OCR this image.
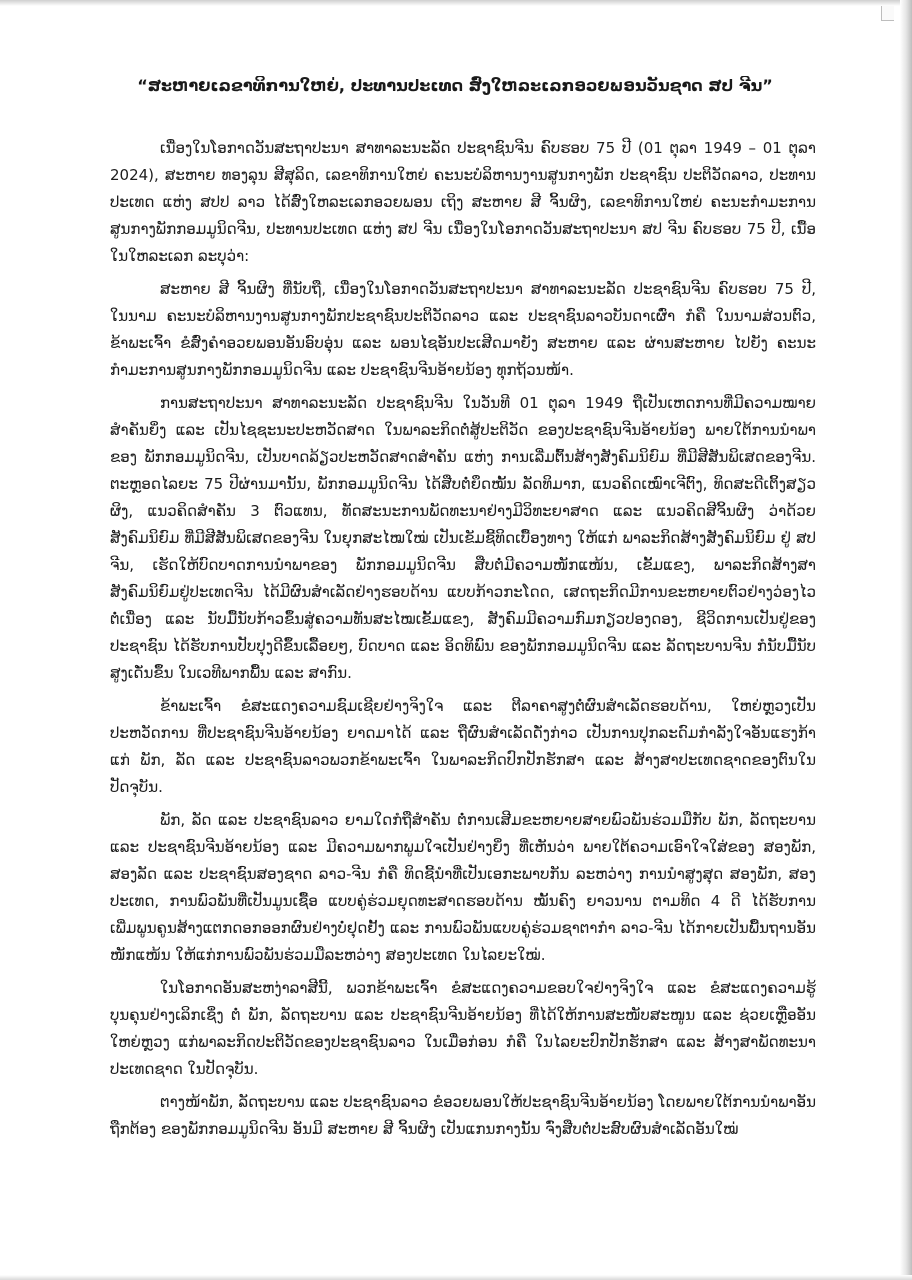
“ສະຫາຍເລຂາທິການໃຫຍ່, ປະທານປະເທດ ສົ່ງໃຫລະເລກອວຍພອນວັນຊາດ ສປ ຈີນ”

ເນື່ອງໃນໂອກາດວັນສະຖາປະນາ ສາທາລະນະລັດ ປະຊາຊົນຈີນ ຄົບຮອບ 75 ປີ (01 ຕຸລາ 1949 – 01 ຕຸລາ 2024), ສະຫາຍ ທອງລຸນ ສີສຸລິດ, ເລຂາທິການໃຫຍ່ ຄະນະບໍລິຫານງານສູນກາງພັກ ປະຊາຊົນ ປະຕິວັດລາວ, ປະທານປະເທດ ແຫ່ງ ສປປ ລາວ ໄດ້ສົ່ງໃຫລະເລກອວຍພອນ ເຖິງ ສະຫາຍ ສີ ຈິ້ນຜິງ, ເລຂາທິການໃຫຍ່ ຄະນະກຳມະການສູນກາງພັກກອມມູນິດຈີນ, ປະທານປະເທດ ແຫ່ງ ສປ ຈີນ ເນື່ອງໃນໂອກາດວັນສະຖາປະນາ ສປ ຈີນ ຄົບຮອບ 75 ປີ, ເນື້ອໃນໃຫລະເລກ ລະບຸວ່າ:

ສະຫາຍ ສີ ຈິ້ນຜິງ ທີ່ນັບຖື, ເນື່ອງໃນໂອກາດວັນສະຖາປະນາ ສາທາລະນະລັດ ປະຊາຊົນຈີນ ຄົບຮອບ 75 ປີ, ໃນນາມ ຄະນະບໍລິຫານງານສູນກາງພັກປະຊາຊົນປະຕິວັດລາວ ແລະ ປະຊາຊົນລາວບັນດາເຜົ່າ ກໍຄື ໃນນາມສ່ວນຕົວ, ຂ້າພະເຈົ້າ ຂໍສົ່ງຄຳອວຍພອນອັນອົບອຸ່ນ ແລະ ພອນໄຊອັນປະເສີດມາຍັງ ສະຫາຍ ແລະ ຜ່ານສະຫາຍ ໄປຍັງ ຄະນະກຳມະການສູນກາງພັກກອມມູນິດຈີນ ແລະ ປະຊາຊົນຈີນອ້າຍນ້ອງ ທຸກຖ້ວນໜ້າ.

ການສະຖາປະນາ ສາທາລະນະລັດ ປະຊາຊົນຈີນ ໃນວັນທີ 01 ຕຸລາ 1949 ຖືເປັນເຫດການທີ່ມີຄວາມໝາຍສຳຄັນຍິ່ງ ແລະ ເປັນໄຊຊະນະປະຫວັດສາດ ໃນພາລະກິດຕໍ່ສູ້ປະຕິວັດ ຂອງປະຊາຊົນຈີນອ້າຍນ້ອງ ພາຍໃຕ້ການນຳພາຂອງ ພັກກອມມູນິດຈີນ, ເປັນບາດລ້ຽວປະຫວັດສາດສຳຄັນ ແຫ່ງ ການເລີ່ມຕົ້ນສ້າງສັງຄົມນິຍົມ ທີ່ມີສີສັນພິເສດຂອງຈີນ. ຕະຫຼອດໄລຍະ 75 ປີຜ່ານມານັ້ນ, ພັກກອມມູນິດຈີນ ໄດ້ສືບຕໍ່ຍຶດໝັ້ນ ລັດທິມາກ, ແນວຄິດເໝົາເຈີຕົງ, ທິດສະດີເຕິ້ງສຽວຜິງ, ແນວຄິດສຳຄັນ 3 ຕົວແທນ, ທັດສະນະການພັດທະນາຢ່າງມີວິທະຍາສາດ ແລະ ແນວຄິດສີຈິ້ນຜິງ ວ່າດ້ວຍ ສັງຄົມນິຍົມ ທີ່ມີສີສັນພິເສດຂອງຈີນ ໃນຍຸກສະໄໝໃໝ່ ເປັນເຂັມຊີ້ທິດເບື້ອງທາງ ໃຫ້ແກ່ ພາລະກິດສ້າງສັງຄົມນິຍົມ ຢູ່ ສປ ຈີນ, ເຮັດໃຫ້ບົດບາດການນຳພາຂອງ ພັກກອມມູນິດຈີນ ສືບຕໍ່ມີຄວາມໜັກແໜ້ນ, ເຂັ້ມແຂງ, ພາລະກິດສ້າງສາສັງຄົມນິຍົມຢູ່ປະເທດຈີນ ໄດ້ມີຜົນສຳເລັດຢ່າງຮອບດ້ານ ແບບກ້າວກະໂດດ, ເສດຖະກິດມີການຂະຫຍາຍຕົວຢ່າງວ່ອງໄວຕໍ່ເນື່ອງ ແລະ ນັບມື້ນັບກ້າວຂຶ້ນສູ່ຄວາມທັນສະໄໝເຂັ້ມແຂງ, ສັງຄົມມີຄວາມກົມກຽວປອງດອງ, ຊີວິດການເປັນຢູ່ຂອງປະຊາຊົນ ໄດ້ຮັບການປັບປຸງດີຂຶ້ນເລື້ອຍໆ, ບົດບາດ ແລະ ອິດທິພົນ ຂອງພັກກອມມູນິດຈີນ ແລະ ລັດຖະບານຈີນ ກໍນັບມື້ນັບສູງເດັ່ນຂຶ້ນ ໃນເວທີພາກພື້ນ ແລະ ສາກົນ.

ຂ້າພະເຈົ້າ ຂໍສະແດງຄວາມຊົມເຊີຍຢ່າງຈິງໃຈ ແລະ ຕີລາຄາສູງຕໍ່ຜົນສຳເລັດຮອບດ້ານ, ໃຫຍ່ຫຼວງເປັນປະຫວັດການ ທີ່ປະຊາຊົນຈີນອ້າຍນ້ອງ ຍາດມາໄດ້ ແລະ ຖືຜົນສຳເລັດດັ່ງກ່າວ ເປັນການປຸກລະດົມກຳລັງໃຈອັນແຮງກ້າແກ່ ພັກ, ລັດ ແລະ ປະຊາຊົນລາວພວກຂ້າພະເຈົ້າ ໃນພາລະກິດປົກປັກຮັກສາ ແລະ ສ້າງສາປະເທດຊາດຂອງຕົນໃນປັດຈຸບັນ.

ພັກ, ລັດ ແລະ ປະຊາຊົນລາວ ຍາມໃດກໍຖືສຳຄັນ ຕໍ່ການເສີມຂະຫຍາຍສາຍພົວພັນຮ່ວມມືກັບ ພັກ, ລັດຖະບານ ແລະ ປະຊາຊົນຈີນອ້າຍນ້ອງ ແລະ ມີຄວາມພາກພູມໃຈເປັນຢ່າງຍິ່ງ ທີ່ເຫັນວ່າ ພາຍໃຕ້ຄວາມເອົາໃຈໃສ່ຂອງ ສອງພັກ, ສອງລັດ ແລະ ປະຊາຊົນສອງຊາດ ລາວ-ຈີນ ກໍຄື ທິດຊີ້ນຳທີ່ເປັນເອກະພາບກັນ ລະຫວ່າງ ການນຳສູງສຸດ ສອງພັກ, ສອງປະເທດ, ການພົວພັນທີ່ເປັນມູນເຊື້ອ ແບບຄູ່ຮ່ວມຍຸດທະສາດຮອບດ້ານ ໝັ້ນຄົງ ຍາວນານ ຕາມທິດ 4 ດີ ໄດ້ຮັບການເພີ່ມພູນຄູນສ້າງແຕກດອກອອກຜົນຢ່າງບໍ່ຢຸດຢັ້ງ ແລະ ການພົວພັນແບບຄູ່ຮ່ວມຊາຕາກຳ ລາວ-ຈີນ ໄດ້ກາຍເປັນພື້ນຖານອັນໜັກແໜ້ນ ໃຫ້ແກ່ການພົວພັນຮ່ວມມືລະຫວ່າງ ສອງປະເທດ ໃນໄລຍະໃໝ່.

ໃນໂອກາດອັນສະຫງ່າລາສີນີ້, ພວກຂ້າພະເຈົ້າ ຂໍສະແດງຄວາມຂອບໃຈຢ່າງຈິງໃຈ ແລະ ຂໍສະແດງຄວາມຮູ້ບຸນຄຸນຢ່າງເລິກເຊິ່ງ ຕໍ່ ພັກ, ລັດຖະບານ ແລະ ປະຊາຊົນຈີນອ້າຍນ້ອງ ທີ່ໄດ້ໃຫ້ການສະໜັບສະໜູນ ແລະ ຊ່ວຍເຫຼືອອັນໃຫຍ່ຫຼວງ ແກ່ພາລະກິດປະຕິວັດຂອງປະຊາຊົນລາວ ໃນເມື່ອກ່ອນ ກໍຄື ໃນໄລຍະປົກປັກຮັກສາ ແລະ ສ້າງສາພັດທະນາປະເທດຊາດ ໃນປັດຈຸບັນ.

ຕາງໜ້າພັກ, ລັດຖະບານ ແລະ ປະຊາຊົນລາວ ຂໍອວຍພອນໃຫ້ປະຊາຊົນຈີນອ້າຍນ້ອງ ໂດຍພາຍໃຕ້ການນຳພາອັນຖືກຕ້ອງ ຂອງພັກກອມມູນິດຈີນ ອັນມີ ສະຫາຍ ສີ ຈິ້ນຜິງ ເປັນແກນກາງນັ້ນ ຈົ່ງສືບຕໍ່ປະສົບຜົນສຳເລັດອັນໃໝ່
